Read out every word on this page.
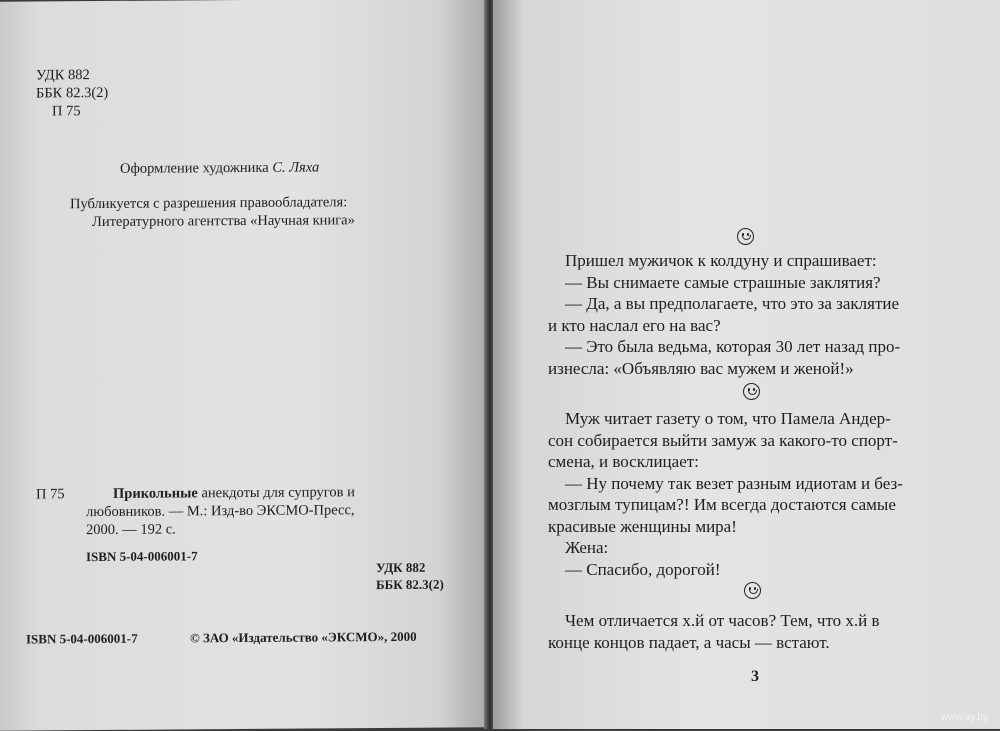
УДК 882
ББК 82.3(2)
П 75
Оформление художника С. Ляха
Публикуется с разрешения правообладателя:
Литературного агентства «Научная книга»
П 75	Прикольные анекдоты для супругов и
любовников. — М.: Изд-во ЭКСМО-Пресс,
2000. — 192 с.
ISBN 5-04-006001-7
УДК 882
ББК 82.3(2)
ISBN 5-04-006001-7	© ЗАО «Издательство «ЭКСМО», 2000
Пришел мужичок к колдуну и спрашивает:
— Вы снимаете самые страшные заклятия?
— Да, а вы предполагаете, что это за заклятие
и кто наслал его на вас?
— Это была ведьма, которая 30 лет назад про-
изнесла: «Объявляю вас мужем и женой!»
Муж читает газету о том, что Памела Андер-
сон собирается выйти замуж за какого-то спорт-
смена, и восклицает:
— Ну почему так везет разным идиотам и без-
мозглым тупицам?! Им всегда достаются самые
красивые женщины мира!
Жена:
— Спасибо, дорогой!
Чем отличается х.й от часов? Тем, что х.й в
конце концов падает, а часы — встают.
3
www.ay.by
